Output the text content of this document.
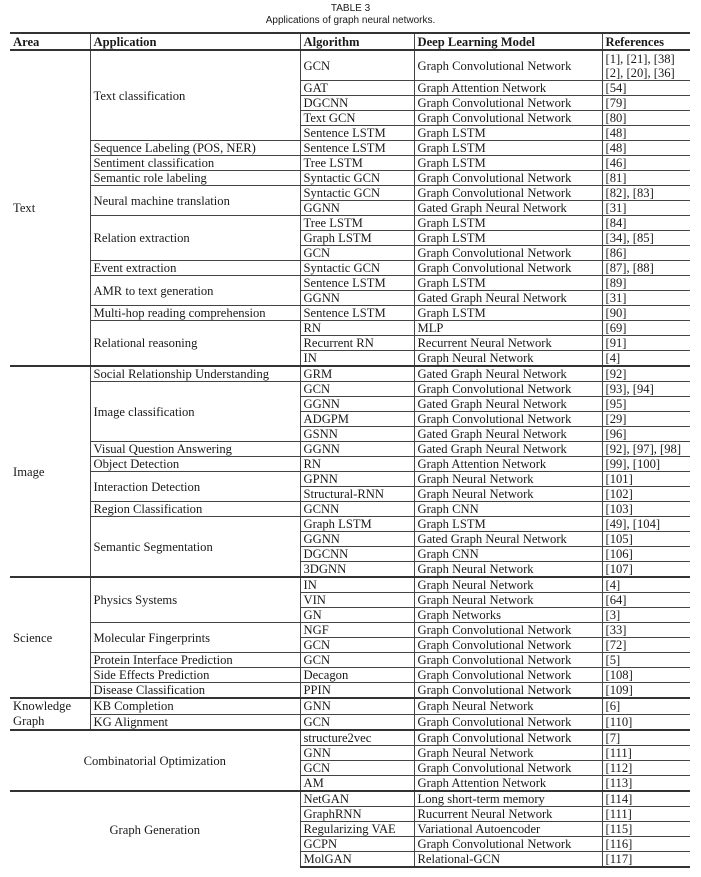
TABLE 3
Applications of graph neural networks.
Area	Application	Algorithm	Deep Learning Model	References
Text	Text classification	GCN	Graph Convolutional Network	[1], [21], [38] [2], [20], [36]
		GAT	Graph Attention Network	[54]
		DGCNN	Graph Convolutional Network	[79]
		Text GCN	Graph Convolutional Network	[80]
		Sentence LSTM	Graph LSTM	[48]
	Sequence Labeling (POS, NER)	Sentence LSTM	Graph LSTM	[48]
	Sentiment classification	Tree LSTM	Graph LSTM	[46]
	Semantic role labeling	Syntactic GCN	Graph Convolutional Network	[81]
	Neural machine translation	Syntactic GCN	Graph Convolutional Network	[82], [83]
		GGNN	Gated Graph Neural Network	[31]
	Relation extraction	Tree LSTM	Graph LSTM	[84]
		Graph LSTM	Graph LSTM	[34], [85]
		GCN	Graph Convolutional Network	[86]
	Event extraction	Syntactic GCN	Graph Convolutional Network	[87], [88]
	AMR to text generation	Sentence LSTM	Graph LSTM	[89]
		GGNN	Gated Graph Neural Network	[31]
	Multi-hop reading comprehension	Sentence LSTM	Graph LSTM	[90]
	Relational reasoning	RN	MLP	[69]
		Recurrent RN	Recurrent Neural Network	[91]
		IN	Graph Neural Network	[4]
Image	Social Relationship Understanding	GRM	Gated Graph Neural Network	[92]
	Image classification	GCN	Graph Convolutional Network	[93], [94]
		GGNN	Gated Graph Neural Network	[95]
		ADGPM	Graph Convolutional Network	[29]
		GSNN	Gated Graph Neural Network	[96]
	Visual Question Answering	GGNN	Gated Graph Neural Network	[92], [97], [98]
	Object Detection	RN	Graph Attention Network	[99], [100]
	Interaction Detection	GPNN	Graph Neural Network	[101]
		Structural-RNN	Graph Neural Network	[102]
	Region Classification	GCNN	Graph CNN	[103]
	Semantic Segmentation	Graph LSTM	Graph LSTM	[49], [104]
		GGNN	Gated Graph Neural Network	[105]
		DGCNN	Graph CNN	[106]
		3DGNN	Graph Neural Network	[107]
Science	Physics Systems	IN	Graph Neural Network	[4]
		VIN	Graph Neural Network	[64]
		GN	Graph Networks	[3]
	Molecular Fingerprints	NGF	Graph Convolutional Network	[33]
		GCN	Graph Convolutional Network	[72]
	Protein Interface Prediction	GCN	Graph Convolutional Network	[5]
	Side Effects Prediction	Decagon	Graph Convolutional Network	[108]
	Disease Classification	PPIN	Graph Convolutional Network	[109]
Knowledge Graph	KB Completion	GNN	Graph Neural Network	[6]
	KG Alignment	GCN	Graph Convolutional Network	[110]
Combinatorial Optimization		structure2vec	Graph Convolutional Network	[7]
		GNN	Graph Neural Network	[111]
		GCN	Graph Convolutional Network	[112]
		AM	Graph Attention Network	[113]
Graph Generation		NetGAN	Long short-term memory	[114]
		GraphRNN	Rucurrent Neural Network	[111]
		Regularizing VAE	Variational Autoencoder	[115]
		GCPN	Graph Convolutional Network	[116]
		MolGAN	Relational-GCN	[117]
